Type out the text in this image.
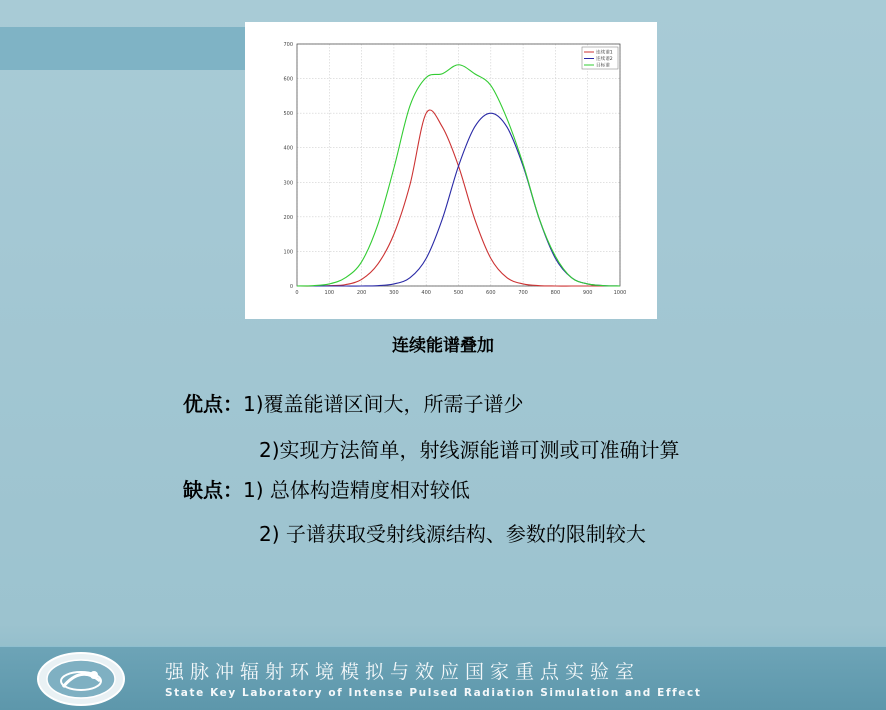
0	100	200	300	400	500	600	700	800	900	1000
0
100
200
300
400
500
600
700
连续谱1
连续谱2
目标谱
连续能谱叠加
优点：1)覆盖能谱区间大，所需子谱少
2)实现方法简单，射线源能谱可测或可准确计算
缺点：1) 总体构造精度相对较低
2) 子谱获取受射线源结构、参数的限制较大
强脉冲辐射环境模拟与效应国家重点实验室
State Key Laboratory of Intense Pulsed Radiation Simulation and Effect
